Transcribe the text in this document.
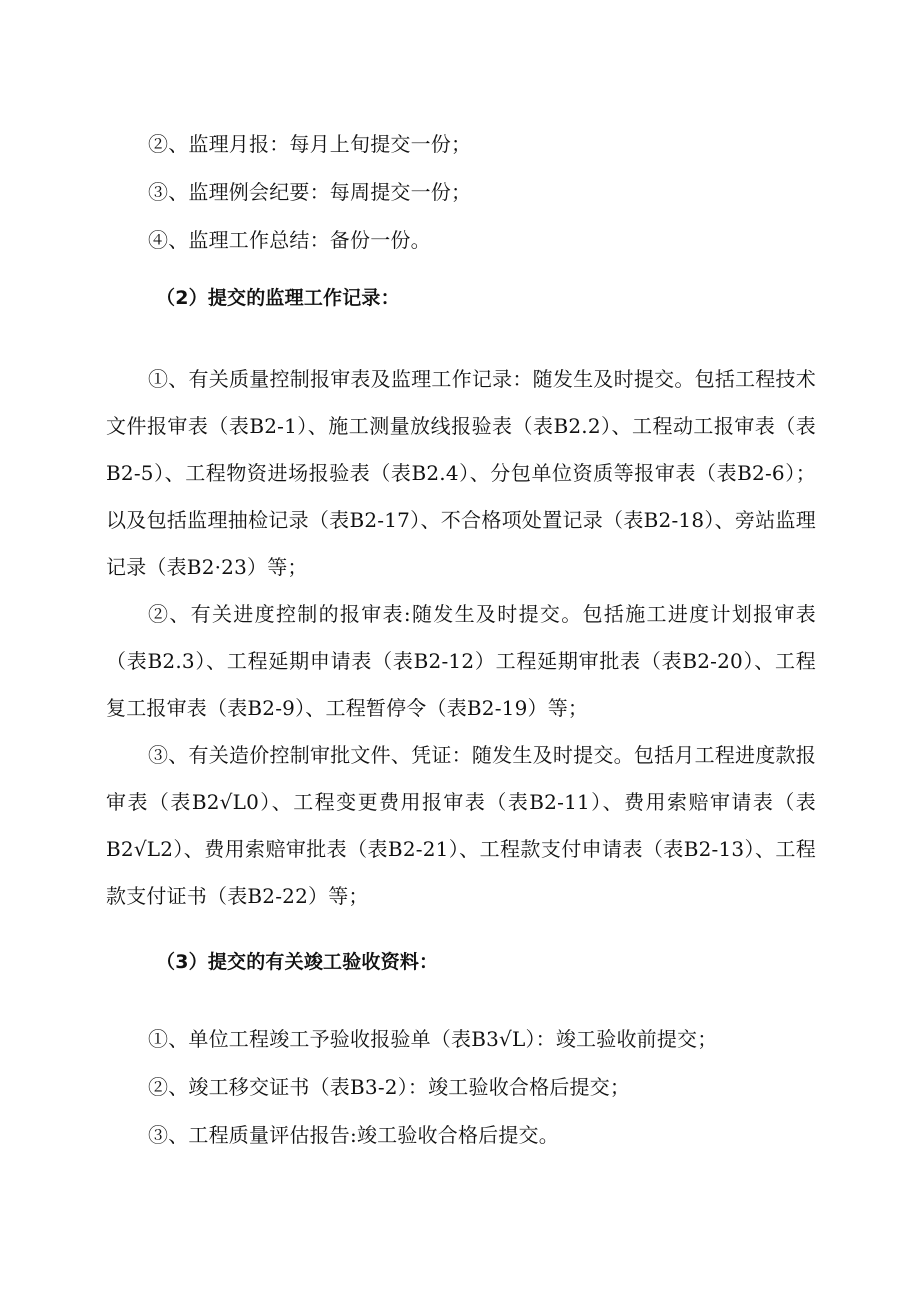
②、监理月报：每月上旬提交一份；
③、监理例会纪要：每周提交一份；
④、监理工作总结：备份一份。
（2）提交的监理工作记录：
①、有关质量控制报审表及监理工作记录：随发生及时提交。包括工程技术文件报审表（表B2-1）、施工测量放线报验表（表B2.2）、工程动工报审表（表B2-5）、工程物资进场报验表（表B2.4）、分包单位资质等报审表（表B2-6）；以及包括监理抽检记录（表B2-17）、不合格项处置记录（表B2-18）、旁站监理记录（表B2·23）等；
②、有关进度控制的报审表:随发生及时提交。包括施工进度计划报审表（表B2.3）、工程延期申请表（表B2-12）工程延期审批表（表B2-20）、工程复工报审表（表B2-9）、工程暂停令（表B2-19）等；
③、有关造价控制审批文件、凭证：随发生及时提交。包括月工程进度款报审表（表B2√L0）、工程变更费用报审表（表B2-11）、费用索赔审请表（表B2√L2）、费用索赔审批表（表B2-21）、工程款支付申请表（表B2-13）、工程款支付证书（表B2-22）等；
（3）提交的有关竣工验收资料：
①、单位工程竣工予验收报验单（表B3√L）：竣工验收前提交；
②、竣工移交证书（表B3-2）：竣工验收合格后提交；
③、工程质量评估报告:竣工验收合格后提交。
